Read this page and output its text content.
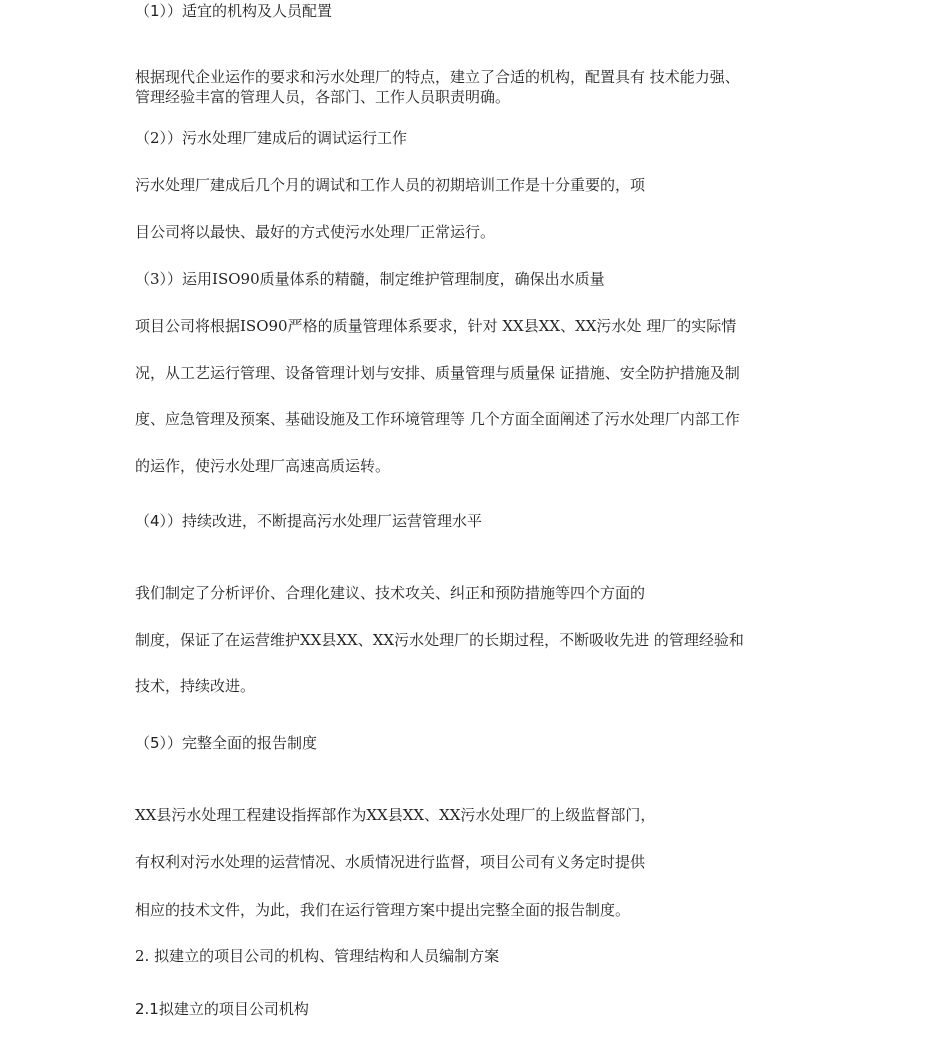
（1））适宜的机构及人员配置
根据现代企业运作的要求和污水处理厂的特点，建立了合适的机构，配置具有 技术能力强、
管理经验丰富的管理人员，各部门、工作人员职责明确。
（2））污水处理厂建成后的调试运行工作
污水处理厂建成后几个月的调试和工作人员的初期培训工作是十分重要的，项
目公司将以最快、最好的方式使污水处理厂正常运行。
（3））运用ISO90质量体系的精髓，制定维护管理制度，确保出水质量
项目公司将根据ISO90严格的质量管理体系要求，针对 XX县XX、XX污水处 理厂的实际情
况，从工艺运行管理、设备管理计划与安排、质量管理与质量保 证措施、安全防护措施及制
度、应急管理及预案、基础设施及工作环境管理等 几个方面全面阐述了污水处理厂内部工作
的运作，使污水处理厂高速高质运转。
（4））持续改进，不断提高污水处理厂运营管理水平
我们制定了分析评价、合理化建议、技术攻关、纠正和预防措施等四个方面的
制度，保证了在运营维护XX县XX、XX污水处理厂的长期过程，不断吸收先进 的管理经验和
技术，持续改进。
（5））完整全面的报告制度
XX县污水处理工程建设指挥部作为XX县XX、XX污水处理厂的上级监督部门，
有权利对污水处理的运营情况、水质情况进行监督，项目公司有义务定时提供
相应的技术文件，为此，我们在运行管理方案中提出完整全面的报告制度。
2. 拟建立的项目公司的机构、管理结构和人员编制方案
2.1拟建立的项目公司机构
